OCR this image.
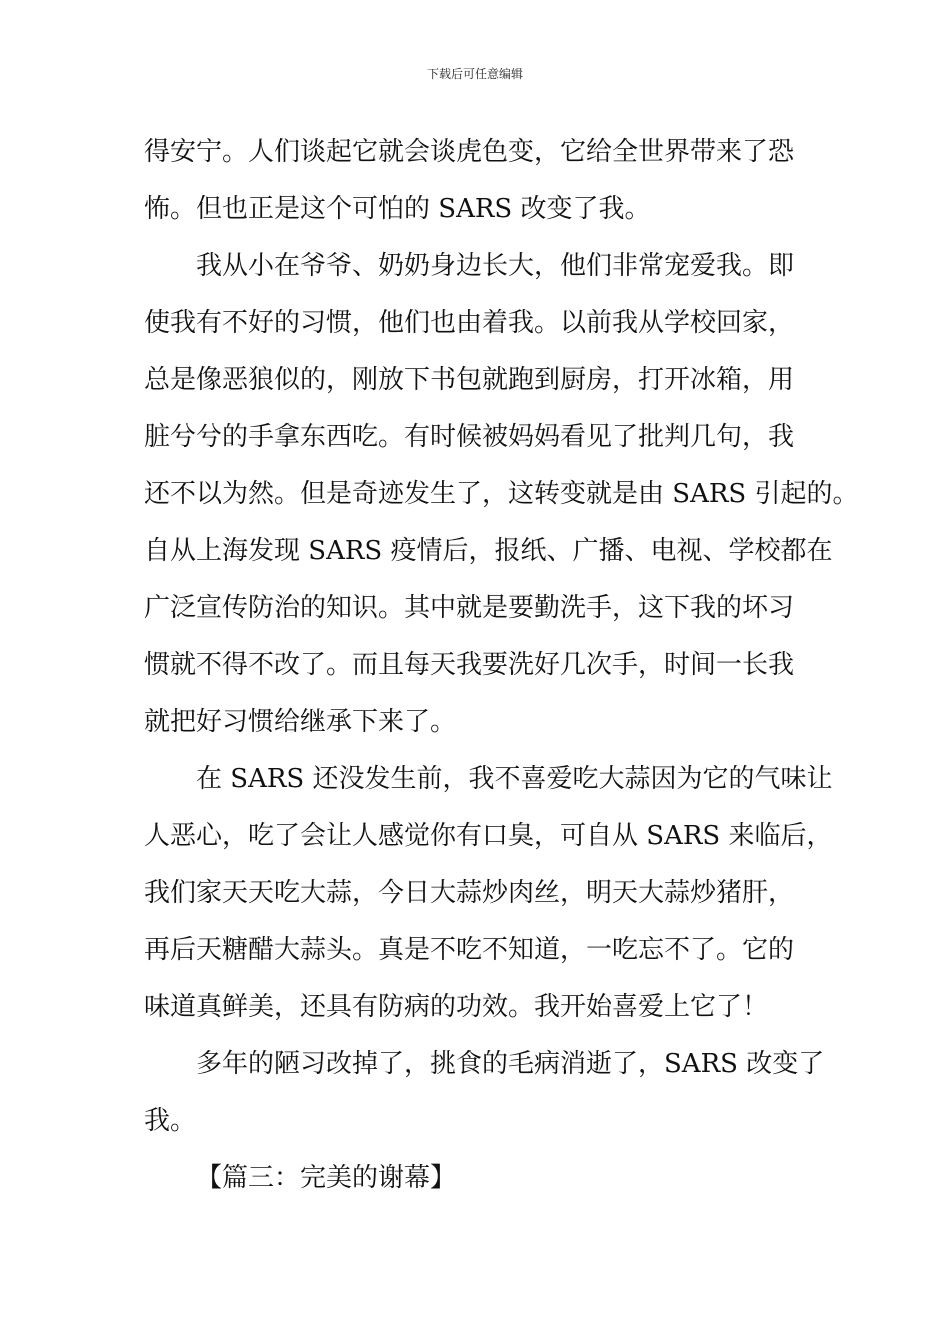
下载后可任意编辑
得安宁。人们谈起它就会谈虎色变，它给全世界带来了恐
怖。但也正是这个可怕的 SARS 改变了我。
我从小在爷爷、奶奶身边长大，他们非常宠爱我。即
使我有不好的习惯，他们也由着我。以前我从学校回家，
总是像恶狼似的，刚放下书包就跑到厨房，打开冰箱，用
脏兮兮的手拿东西吃。有时候被妈妈看见了批判几句，我
还不以为然。但是奇迹发生了，这转变就是由 SARS 引起的。
自从上海发现 SARS 疫情后，报纸、广播、电视、学校都在
广泛宣传防治的知识。其中就是要勤洗手，这下我的坏习
惯就不得不改了。而且每天我要洗好几次手，时间一长我
就把好习惯给继承下来了。
在 SARS 还没发生前，我不喜爱吃大蒜因为它的气味让
人恶心，吃了会让人感觉你有口臭，可自从 SARS 来临后，
我们家天天吃大蒜，今日大蒜炒肉丝，明天大蒜炒猪肝，
再后天糖醋大蒜头。真是不吃不知道，一吃忘不了。它的
味道真鲜美，还具有防病的功效。我开始喜爱上它了！
多年的陋习改掉了，挑食的毛病消逝了，SARS 改变了
我。
【篇三：完美的谢幕】
